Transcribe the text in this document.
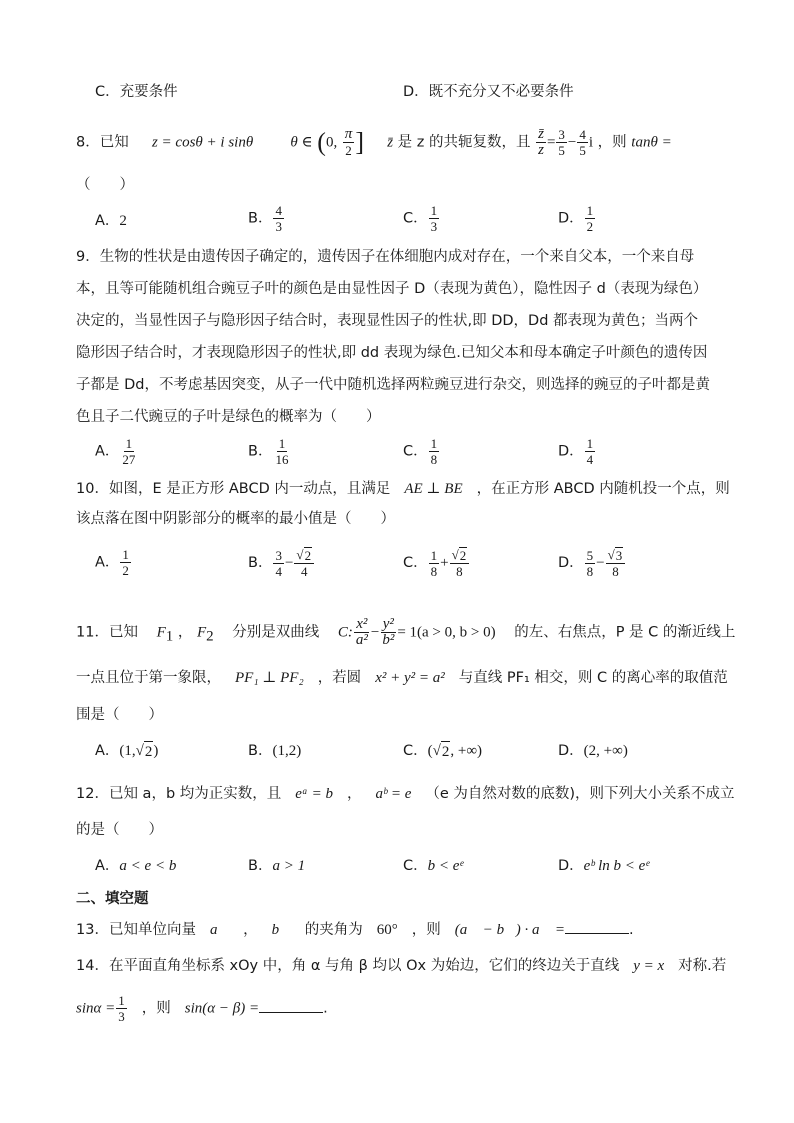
C．充要条件	D．既不充分又不必要条件
8．已知 z = cosθ + i sinθ θ ∈ (0, $\frac{\pi}{2}$ ] z̄ 是 z 的共轭复数，且 $\frac{z̄}{z} = \frac{3}{5} - \frac{4}{5}$ i ，则 tanθ =
（　　）
A．2	B． $\frac{4}{3}$	C． $\frac{1}{3}$	D． $\frac{1}{2}$
9．生物的性状是由遗传因子确定的，遗传因子在体细胞内成对存在，一个来自父本，一个来自母
本，且等可能随机组合豌豆子叶的颜色是由显性因子 D（表现为黄色），隐性因子 d（表现为绿色）
决定的，当显性因子与隐形因子结合时，表现显性因子的性状,即 DD，Dd 都表现为黄色；当两个
隐形因子结合时，才表现隐形因子的性状,即 dd 表现为绿色.已知父本和母本确定子叶颜色的遗传因
子都是 Dd，不考虑基因突变，从子一代中随机选择两粒豌豆进行杂交，则选择的豌豆的子叶都是黄
色且子二代豌豆的子叶是绿色的概率为（　　）
A． $\frac{1}{27}$	B． $\frac{1}{16}$	C． $\frac{1}{8}$	D． $\frac{1}{4}$
10．如图，E 是正方形 ABCD 内一动点，且满足 AE ⊥ BE ，在正方形 ABCD 内随机投一个点，则
该点落在图中阴影部分的概率的最小值是（　　）
A． $\frac{1}{2}$	B． $\frac{3}{4} - \frac{√ 2}{4}$	C． $\frac{1}{8} + \frac{√ 2}{8}$	D． $\frac{5}{8} - \frac{√ 3}{8}$
11．已知 $F_1$ ， $F_2$ 分别是双曲线 C: $\frac{\text{x²}}{\text{a²}} - \frac{\text{y²}}{\text{b²}} = 1(a > 0$, b > 0) 的左、右焦点，P 是 C 的渐近线上
一点且位于第一象限， PF₁ ⊥ PF₂ ，若圆 x² + y² = a² 与直线 PF₁ 相交，则 C 的离心率的取值范
围是（　　）
A．(1,√ 2 )	B．(1,2)	C．(√ 2 , +∞)	D．(2, +∞)
12．已知 a，b 均为正实数，且 eᵃ = b ， aᵇ = e （e 为自然对数的底数)，则下列大小关系不成立
的是（　　）
A．a < e < b	B．a > 1	C．b < eᵉ	D．eᵇ ln b < eᵉ
二、填空题
13．已知单位向量 a⃗ ， b⃗ 的夹角为 60° ，则 (a⃗ − b⃗) · a⃗ =	.
14．在平面直角坐标系 xOy 中，角 α 与角 β 均以 Ox 为始边，它们的终边关于直线 y = x 对称.若
$\sin\alpha = \frac{1}{3}$ ，则 sin(α − β) =	.
